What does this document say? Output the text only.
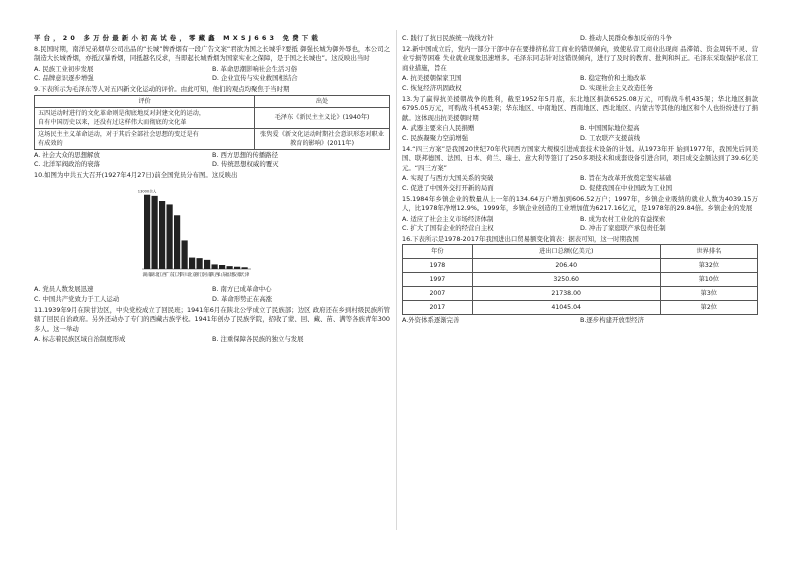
平台，20 多万份最新小初高试卷，零藏鑫 MXSJ663 免费下载

8.民国时期，南洋兄弟烟草公司出品的“长城”牌香烟有一段广告文案“君欲为国之长城乎?要抵 御强长城为御外辱也，本公司之制造大长城香烟，亦抵汉暴香烟，同抵越名反求，当即起长城香烟为国家实业之保障，是于国之长城也”。这反映出当时

A. 民族工业初步发展	B. 革命思潮影响社会生活习俗
C. 品牌意识逐步增强	D. 企业宣传与实业救国相结合

9.下表所示为毛泽东等人对五四新文化运动的评价。由此可知，他们的观点均聚焦于当时期

评价	出处

五四运动时进行的文化革命则是彻底地反对封建文化的运动，
自有中国历史以来，还没有过这样伟大而彻底的文化革	毛泽东《新民主主义论》(1940年)

这场民主主义革命运动，对于其后全部社会思想的变迁是有
有成效的	张隽爱《新文化运动时期社会意识形态对职业教育的影响》(2011年)
A. 社会大众的思想解放	B. 西方思想的传播路径
C. 北洋军阀政治的衰落	D. 传统思想权威的覆灭

10.如图为中共五大召开(1927年4月27日)前全国党员分布图。这反映出

湖南
13000余人
湖北
江西
广东
江苏
四川
北京
浙江
河南
陕西
山东
福建
安徽
天津
A. 党员人数发展迅速	B. 南方已成革命中心
C. 中国共产党致力于工人运动	D. 革命形势正在高涨

11.1939年9月在陕甘边区，中央党校成立了回民班；1941年6月在陕北公学成立了民族部；边区 政府还在乡到村级民族所管辖了回民自治政府。另外还动办了专门的西藏古族学校。1941年创办了民族学院，招收了蒙、回、藏、苗、满等各族青年300多人。这一举动

A. 标志着民族区域自治制度形成	B. 注重保障各民族的独立与发展
C. 践行了抗日民族统一战线方针	D. 推动人民群众参加反帝的斗争

12.新中国成立后，党内一部分干部中存在要排挤私营工商业的错误倾向，致使私营工商业出现商 品滞销、资金周转不灵、营业亏损等困难 失业就业现象迅速增多。毛泽东同志针对这错误倾向，进行了及时的教育、批判和纠正。毛泽东采取保护私营工商业措施，旨在

A. 抗美援朝保家卫国	B. 稳定物价和土地改革
C. 恢复经济巩固政权	D. 实现社会主义改造任务

13.为了赢得抗美援朝战争的胜利，截至1952年5月底，东北地区捐款6525.08万元，可购战斗机435架；华北地区捐款6795.05万元，可购战斗机453架；华东地区、中南地区、西南地区、西北地区、内蒙古等其他的地区和个人也纷纷进行了捐献。这体现出抗美援朝时期

A. 武器主要来自人民捐赠	B. 中国国际地位提高
C. 民族凝聚力空前增强	D. 工农联产支援前线

14.“四三方案”是我国20世纪70年代同西方国家大规模引进成套技术设备的计划。从1973年开 始到1977年，我国先后同美国、联邦德国、法国、日本、荷兰、瑞士、意大利等签订了250多项技术和成套设备引进合同，项目成交金额达到了39.6亿美元。“四三方案”

A. 实现了与西方大国关系的突破	B. 旨在为改革开放奠定坚实基础
C. 促进了中国外交打开新的局面	D. 促使我国在中业国政为工业国

15.1984年乡镇企业的数量从上一年的134.64万户增加到606.52万户；1997年，乡镇企业吸纳的就业人数为4039.15万人，比1978年净增12.9%。1999年，乡镇企业创造的工业增加值为6217.16亿元，是1978年的29.84倍。乡镇企业的发展

A. 适应了社会主义市场经济体制	B. 成为农村工业化的有益探索
C. 扩大了国有企业的经营自主权	D. 冲击了家庭联产承包责任制

16.下表所示是1978-2017年我国进出口贸易额变化简表：据表可知，这一时期我国

年份	进出口总额(亿美元)	世界排名
1978	206.40	第32位
1997	3250.60	第10位
2007	21738.00	第3位
2017	41045.04	第2位
A.外资体系逐渐完善	B.逐步构建开放型经济
